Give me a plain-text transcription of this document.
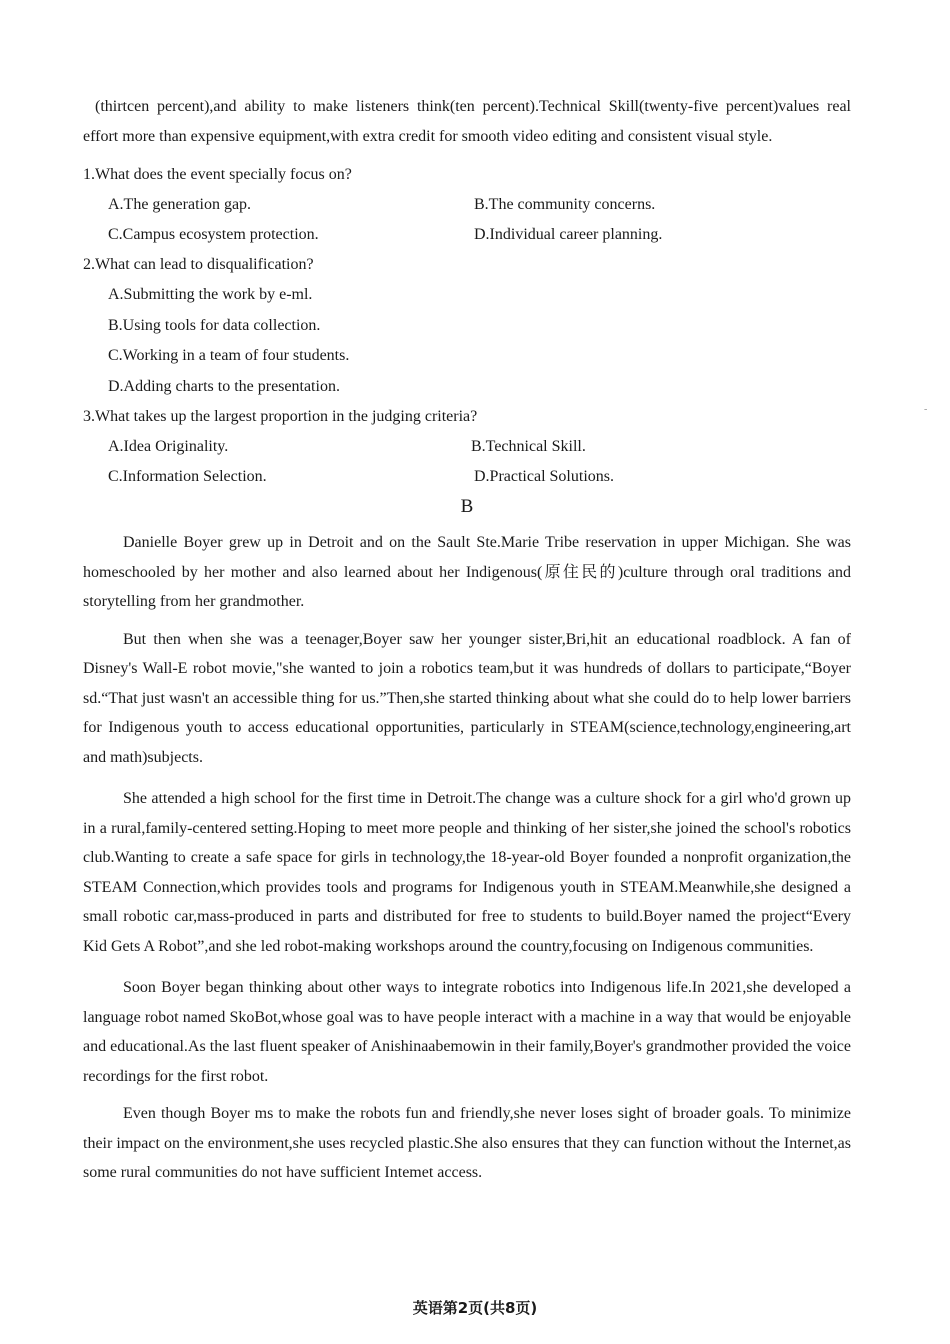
-

(thirtcen percent),and ability to make listeners think(ten percent).Technical Skill(twenty-five percent)values real effort more than expensive equipment,with extra credit for smooth video editing and consistent visual style.

1.What does the event specially focus on?

A.The generation gap.	B.The community concerns.
C.Campus ecosystem protection.	D.Individual career planning.

2.What can lead to disqualification?

A.Submitting the work by e-ml.

B.Using tools for data collection.

C.Working in a team of four students.

D.Adding charts to the presentation.

3.What takes up the largest proportion in the judging criteria?

A.Idea Originality.	B.Technical Skill.
C.Information Selection.	D.Practical Solutions.

B

Danielle Boyer grew up in Detroit and on the Sault Ste.Marie Tribe reservation in upper Michigan. She was homeschooled by her mother and also learned about her Indigenous(原住民的)culture through oral traditions and storytelling from her grandmother.

But then when she was a teenager,Boyer saw her younger sister,Bri,hit an educational roadblock. A fan of Disney's Wall-E robot movie,"she wanted to join a robotics team,but it was hundreds of dollars to participate,“Boyer sd.“That just wasn't an accessible thing for us.”Then,she started thinking about what she could do to help lower barriers for Indigenous youth to access educational opportunities, particularly in STEAM(science,technology,engineering,art and math)subjects.

She attended a high school for the first time in Detroit.The change was a culture shock for a girl who'd grown up in a rural,family-centered setting.Hoping to meet more people and thinking of her sister,she joined the school's robotics club.Wanting to create a safe space for girls in technology,the 18-year-old Boyer founded a nonprofit organization,the STEAM Connection,which provides tools and programs for Indigenous youth in STEAM.Meanwhile,she designed a small robotic car,mass-produced in parts and distributed for free to students to build.Boyer named the project“Every Kid Gets A Robot”,and she led robot-making workshops around the country,focusing on Indigenous communities.

Soon Boyer began thinking about other ways to integrate robotics into Indigenous life.In 2021,she developed a language robot named SkoBot,whose goal was to have people interact with a machine in a way that would be enjoyable and educational.As the last fluent speaker of Anishinaabemowin in their family,Boyer's grandmother provided the voice recordings for the first robot.

Even though Boyer ms to make the robots fun and friendly,she never loses sight of broader goals. To minimize their impact on the environment,she uses recycled plastic.She also ensures that they can function without the Internet,as some rural communities do not have sufficient Intemet access.

英语第2页(共8页)
